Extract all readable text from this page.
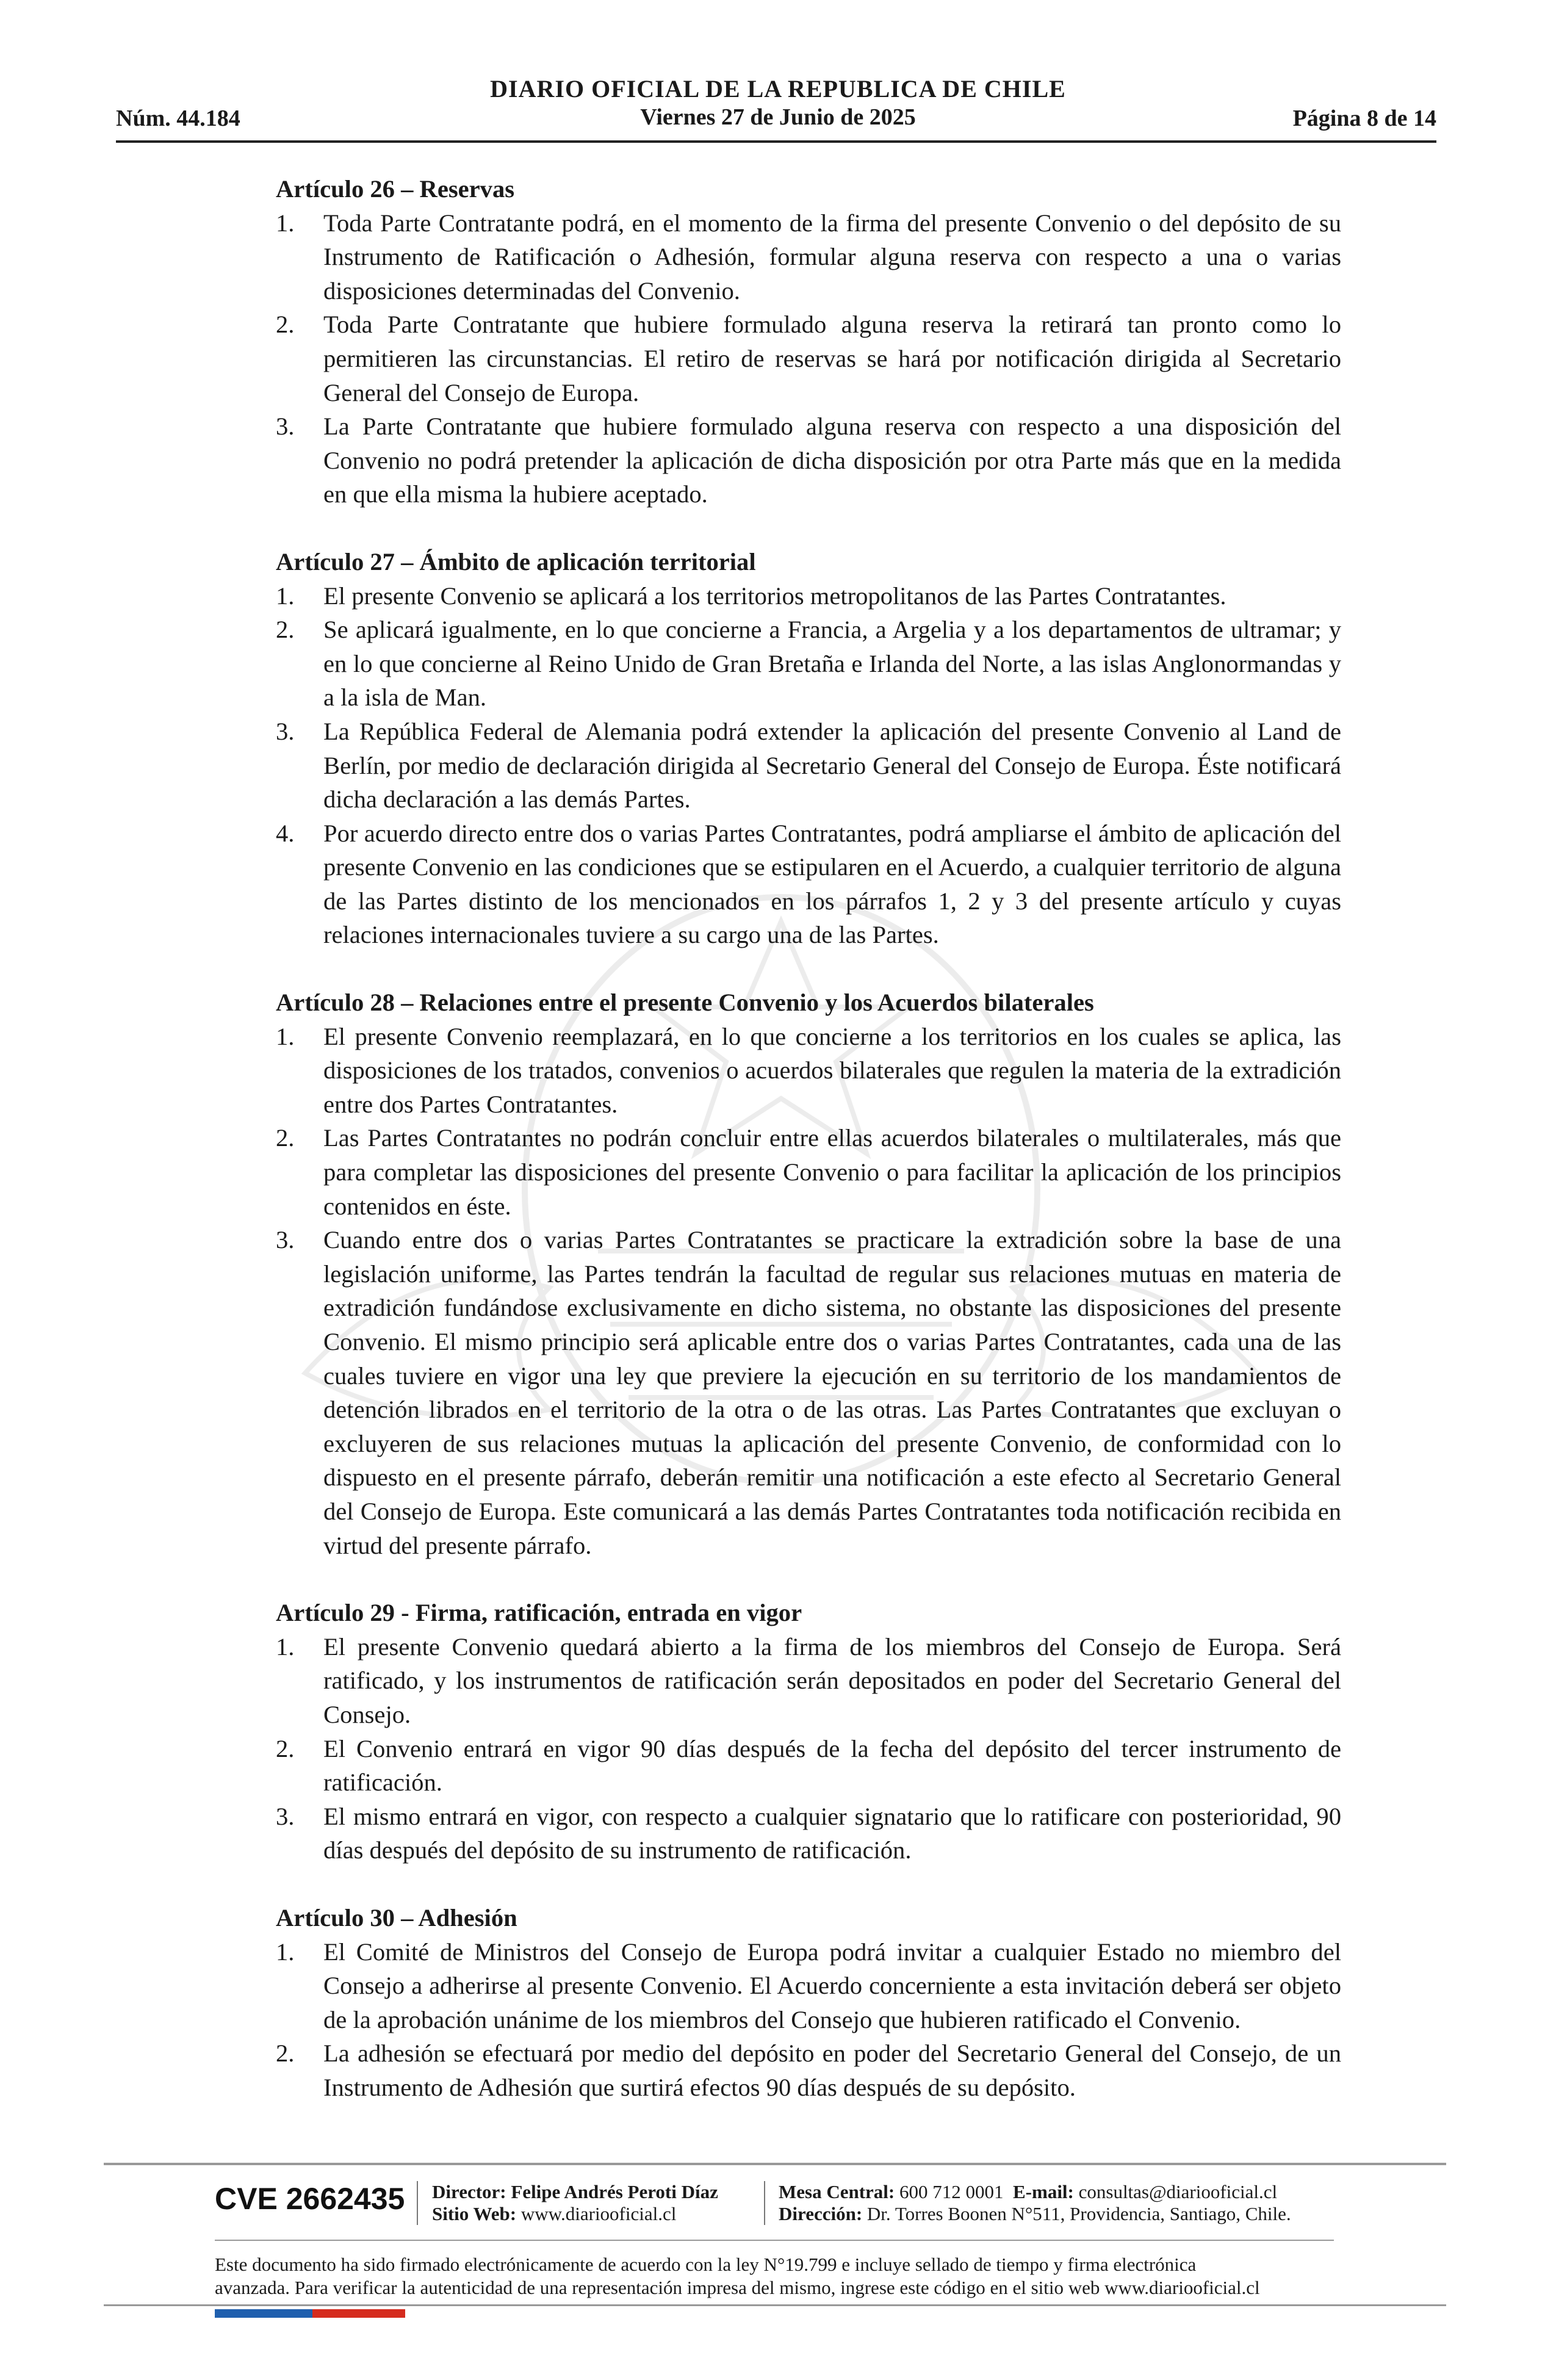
DIARIO OFICIAL DE LA REPUBLICA DE CHILE
Viernes 27 de Junio de 2025
Núm. 44.184	Página 8 de 14
Artículo 26 – Reservas
1. Toda Parte Contratante podrá, en el momento de la firma del presente Convenio o del depósito de su Instrumento de Ratificación o Adhesión, formular alguna reserva con respecto a una o varias disposiciones determinadas del Convenio.
2. Toda Parte Contratante que hubiere formulado alguna reserva la retirará tan pronto como lo permitieren las circunstancias. El retiro de reservas se hará por notificación dirigida al Secretario General del Consejo de Europa.
3. La Parte Contratante que hubiere formulado alguna reserva con respecto a una disposición del Convenio no podrá pretender la aplicación de dicha disposición por otra Parte más que en la medida en que ella misma la hubiere aceptado.
Artículo 27 – Ámbito de aplicación territorial
1. El presente Convenio se aplicará a los territorios metropolitanos de las Partes Contratantes.
2. Se aplicará igualmente, en lo que concierne a Francia, a Argelia y a los departamentos de ultramar; y en lo que concierne al Reino Unido de Gran Bretaña e Irlanda del Norte, a las islas Anglonormandas y a la isla de Man.
3. La República Federal de Alemania podrá extender la aplicación del presente Convenio al Land de Berlín, por medio de declaración dirigida al Secretario General del Consejo de Europa. Éste notificará dicha declaración a las demás Partes.
4. Por acuerdo directo entre dos o varias Partes Contratantes, podrá ampliarse el ámbito de aplicación del presente Convenio en las condiciones que se estipularen en el Acuerdo, a cualquier territorio de alguna de las Partes distinto de los mencionados en los párrafos 1, 2 y 3 del presente artículo y cuyas relaciones internacionales tuviere a su cargo una de las Partes.
Artículo 28 – Relaciones entre el presente Convenio y los Acuerdos bilaterales
1. El presente Convenio reemplazará, en lo que concierne a los territorios en los cuales se aplica, las disposiciones de los tratados, convenios o acuerdos bilaterales que regulen la materia de la extradición entre dos Partes Contratantes.
2. Las Partes Contratantes no podrán concluir entre ellas acuerdos bilaterales o multilaterales, más que para completar las disposiciones del presente Convenio o para facilitar la aplicación de los principios contenidos en éste.
3. Cuando entre dos o varias Partes Contratantes se practicare la extradición sobre la base de una legislación uniforme, las Partes tendrán la facultad de regular sus relaciones mutuas en materia de extradición fundándose exclusivamente en dicho sistema, no obstante las disposiciones del presente Convenio. El mismo principio será aplicable entre dos o varias Partes Contratantes, cada una de las cuales tuviere en vigor una ley que previere la ejecución en su territorio de los mandamientos de detención librados en el territorio de la otra o de las otras. Las Partes Contratantes que excluyan o excluyeren de sus relaciones mutuas la aplicación del presente Convenio, de conformidad con lo dispuesto en el presente párrafo, deberán remitir una notificación a este efecto al Secretario General del Consejo de Europa. Este comunicará a las demás Partes Contratantes toda notificación recibida en virtud del presente párrafo.
Artículo 29 - Firma, ratificación, entrada en vigor
1. El presente Convenio quedará abierto a la firma de los miembros del Consejo de Europa. Será ratificado, y los instrumentos de ratificación serán depositados en poder del Secretario General del Consejo.
2. El Convenio entrará en vigor 90 días después de la fecha del depósito del tercer instrumento de ratificación.
3. El mismo entrará en vigor, con respecto a cualquier signatario que lo ratificare con posterioridad, 90 días después del depósito de su instrumento de ratificación.
Artículo 30 – Adhesión
1. El Comité de Ministros del Consejo de Europa podrá invitar a cualquier Estado no miembro del Consejo a adherirse al presente Convenio. El Acuerdo concerniente a esta invitación deberá ser objeto de la aprobación unánime de los miembros del Consejo que hubieren ratificado el Convenio.
2. La adhesión se efectuará por medio del depósito en poder del Secretario General del Consejo, de un Instrumento de Adhesión que surtirá efectos 90 días después de su depósito.
CVE 2662435 Director: Felipe Andrés Peroti Díaz
Sitio Web: www.diariooficial.cl
Mesa Central: 600 712 0001 E-mail: consultas@diariooficial.cl
Dirección: Dr. Torres Boonen N°511, Providencia, Santiago, Chile.
Este documento ha sido firmado electrónicamente de acuerdo con la ley N°19.799 e incluye sellado de tiempo y firma electrónica
avanzada. Para verificar la autenticidad de una representación impresa del mismo, ingrese este código en el sitio web www.diariooficial.cl
